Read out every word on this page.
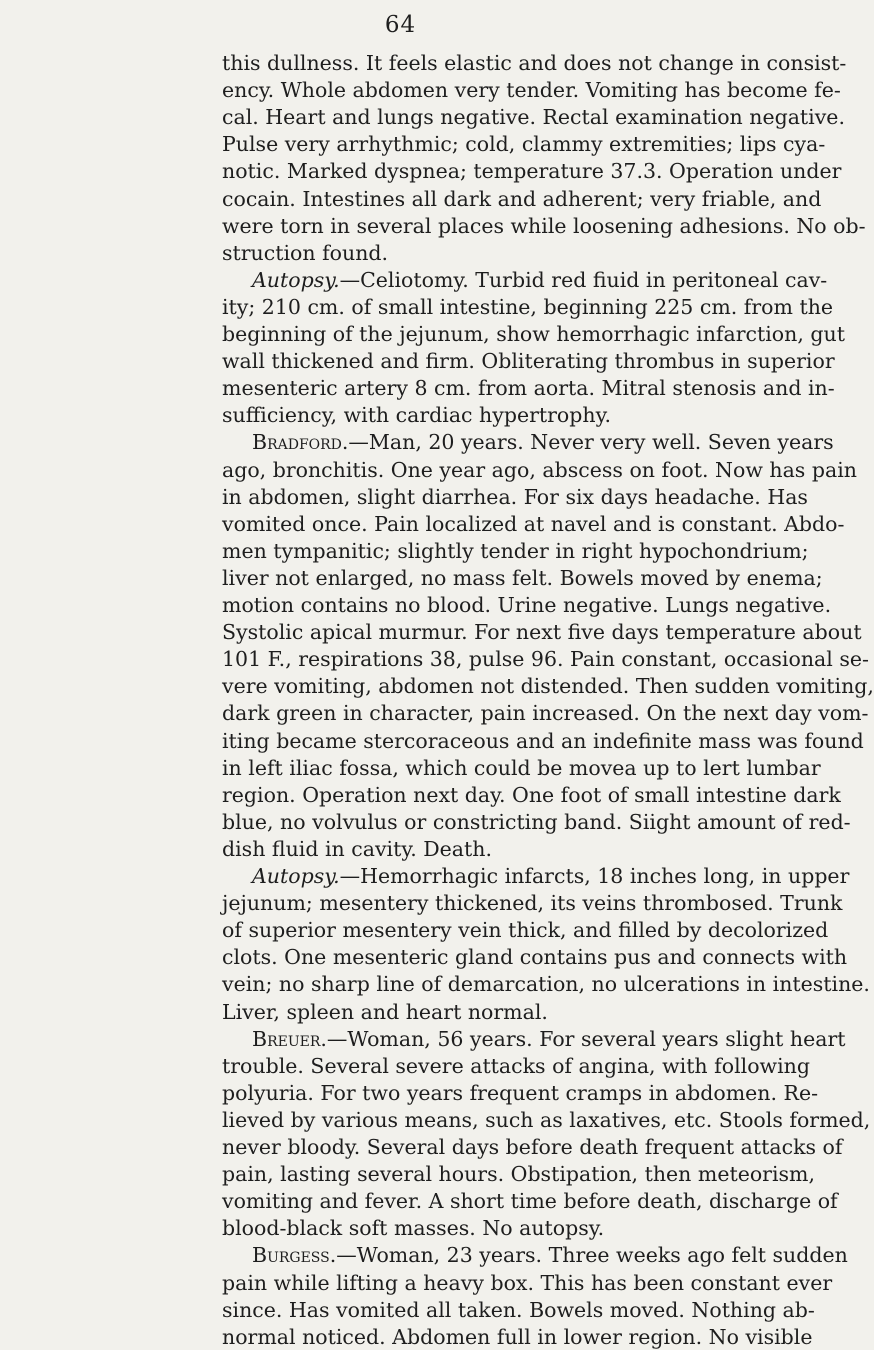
64
this dullness. It feels elastic and does not change in consist-
ency. Whole abdomen very tender. Vomiting has become fe-
cal. Heart and lungs negative. Rectal examination negative.
Pulse very arrhythmic; cold, clammy extremities; lips cya-
notic. Marked dyspnea; temperature 37.3. Operation under
cocain. Intestines all dark and adherent; very friable, and
were torn in several places while loosening adhesions. No ob-
struction found.
Autopsy.—Celiotomy. Turbid red fiuid in peritoneal cav-
ity; 210 cm. of small intestine, beginning 225 cm. from the
beginning of the jejunum, show hemorrhagic infarction, gut
wall thickened and firm. Obliterating thrombus in superior
mesenteric artery 8 cm. from aorta. Mitral stenosis and in-
sufficiency, with cardiac hypertrophy.
Bradford.—Man, 20 years. Never very well. Seven years
ago, bronchitis. One year ago, abscess on foot. Now has pain
in abdomen, slight diarrhea. For six days headache. Has
vomited once. Pain localized at navel and is constant. Abdo-
men tympanitic; slightly tender in right hypochondrium;
liver not enlarged, no mass felt. Bowels moved by enema;
motion contains no blood. Urine negative. Lungs negative.
Systolic apical murmur. For next five days temperature about
101 F., respirations 38, pulse 96. Pain constant, occasional se-
vere vomiting, abdomen not distended. Then sudden vomiting,
dark green in character, pain increased. On the next day vom-
iting became stercoraceous and an indefinite mass was found
in left iliac fossa, which could be movea up to lert lumbar
region. Operation next day. One foot of small intestine dark
blue, no volvulus or constricting band. Siight amount of red-
dish fluid in cavity. Death.
Autopsy.—Hemorrhagic infarcts, 18 inches long, in upper
jejunum; mesentery thickened, its veins thrombosed. Trunk
of superior mesentery vein thick, and filled by decolorized
clots. One mesenteric gland contains pus and connects with
vein; no sharp line of demarcation, no ulcerations in intestine.
Liver, spleen and heart normal.
Breuer.—Woman, 56 years. For several years slight heart
trouble. Several severe attacks of angina, with following
polyuria. For two years frequent cramps in abdomen. Re-
lieved by various means, such as laxatives, etc. Stools formed,
never bloody. Several days before death frequent attacks of
pain, lasting several hours. Obstipation, then meteorism,
vomiting and fever. A short time before death, discharge of
blood-black soft masses. No autopsy.
Burgess.—Woman, 23 years. Three weeks ago felt sudden
pain while lifting a heavy box. This has been constant ever
since. Has vomited all taken. Bowels moved. Nothing ab-
normal noticed. Abdomen full in lower region. No visible
